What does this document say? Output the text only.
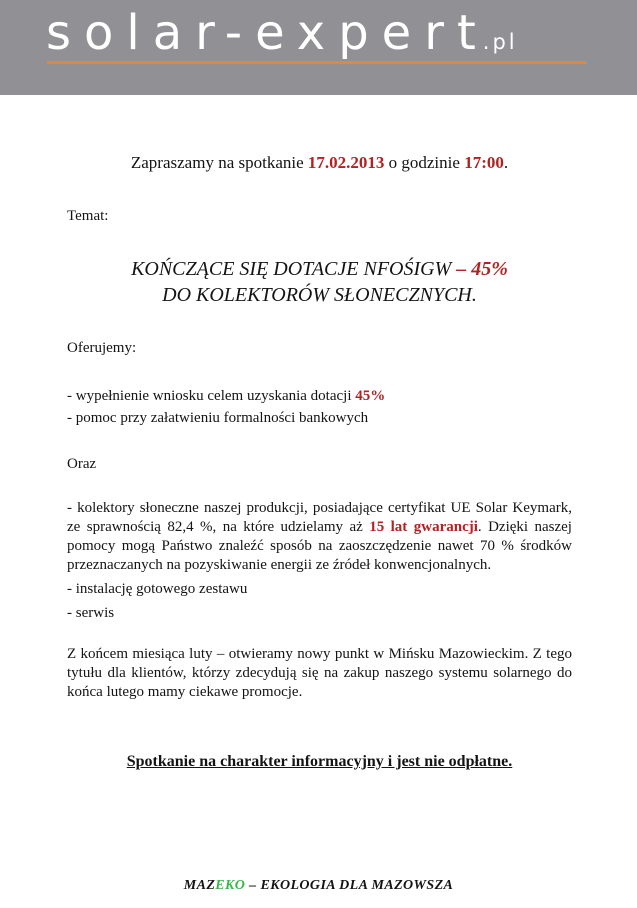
solar-expert
.pl
Zapraszamy na spotkanie 17.02.2013 o godzinie 17:00.
Temat:
KOŃCZĄCE SIĘ DOTACJE NFOŚIGW – 45%
DO KOLEKTORÓW SŁONECZNYCH.
Oferujemy:
- wypełnienie wniosku celem uzyskania dotacji 45%
- pomoc przy załatwieniu formalności bankowych
Oraz
- kolektory słoneczne naszej produkcji, posiadające certyfikat UE Solar Keymark, ze sprawnością 82,4 %, na które udzielamy aż 15 lat gwarancji. Dzięki naszej pomocy mogą Państwo znaleźć sposób na zaoszczędzenie nawet 70 % środków przeznaczanych na pozyskiwanie energii ze źródeł konwencjonalnych.
- instalację gotowego zestawu
- serwis
Z końcem miesiąca luty – otwieramy nowy punkt w Mińsku Mazowieckim. Z tego tytułu dla klientów, którzy zdecydują się na zakup naszego systemu solarnego do końca lutego mamy ciekawe promocje.
Spotkanie na charakter informacyjny i jest nie odpłatne.
MAZEKO – EKOLOGIA DLA MAZOWSZA
